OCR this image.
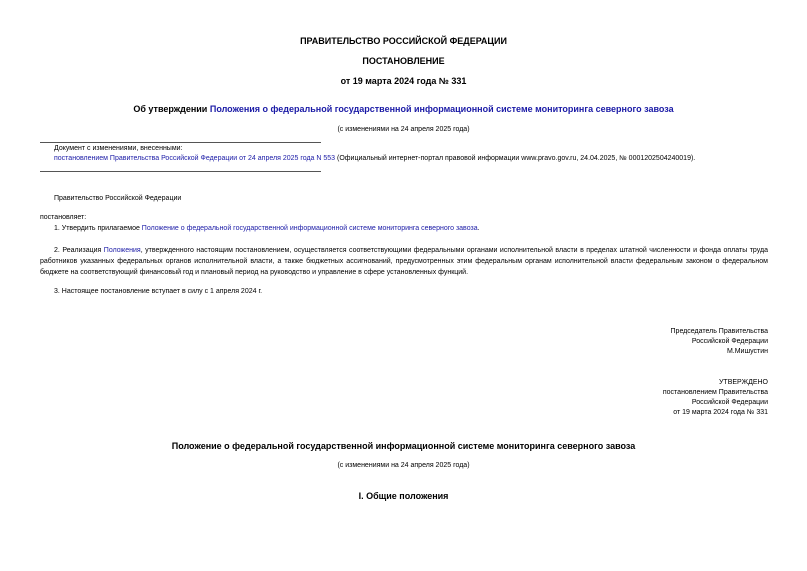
ПРАВИТЕЛЬСТВО РОССИЙСКОЙ ФЕДЕРАЦИИ
ПОСТАНОВЛЕНИЕ
от 19 марта 2024 года № 331
Об утверждении Положения о федеральной государственной информационной системе мониторинга северного завоза
(с изменениями на 24 апреля 2025 года)
Документ с изменениями, внесенными:
постановлением Правительства Российской Федерации от 24 апреля 2025 года N 553 (Официальный интернет-портал правовой информации www.pravo.gov.ru, 24.04.2025, № 0001202504240019).
Правительство Российской Федерации
постановляет:
1. Утвердить прилагаемое Положение о федеральной государственной информационной системе мониторинга северного завоза.
2. Реализация Положения, утвержденного настоящим постановлением, осуществляется соответствующими федеральными органами исполнительной власти в пределах штатной численности и фонда оплаты труда работников указанных федеральных органов исполнительной власти, а также бюджетных ассигнований, предусмотренных этим федеральным органам исполнительной власти федеральным законом о федеральном бюджете на соответствующий финансовый год и плановый период на руководство и управление в сфере установленных функций.
3. Настоящее постановление вступает в силу с 1 апреля 2024 г.
Председатель Правительства
Российской Федерации
М.Мишустин
УТВЕРЖДЕНО
постановлением Правительства
Российской Федерации
от 19 марта 2024 года № 331
Положение о федеральной государственной информационной системе мониторинга северного завоза
(с изменениями на 24 апреля 2025 года)
I. Общие положения
